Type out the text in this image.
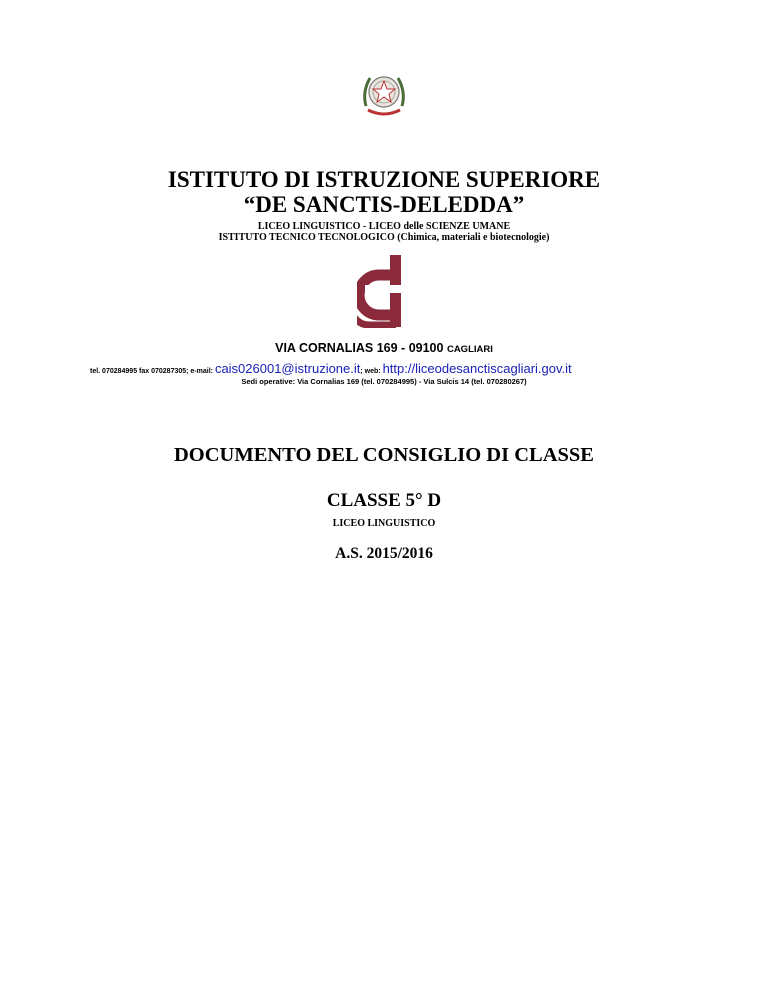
ISTITUTO DI ISTRUZIONE SUPERIORE
“DE SANCTIS-DELEDDA”
LICEO LINGUISTICO - LICEO delle SCIENZE UMANE
ISTITUTO TECNICO TECNOLOGICO (Chimica, materiali e biotecnologie)
VIA CORNALIAS 169 - 09100 CAGLIARI
tel. 070284995 fax 070287305; e-mail: cais026001@istruzione.it; web: http://liceodesanctiscagliari.gov.it
Sedi operative: Via Cornalias 169 (tel. 070284995) - Via Sulcis 14 (tel. 070280267)
DOCUMENTO DEL CONSIGLIO DI CLASSE
CLASSE 5° D
LICEO LINGUISTICO
A.S. 2015/2016
